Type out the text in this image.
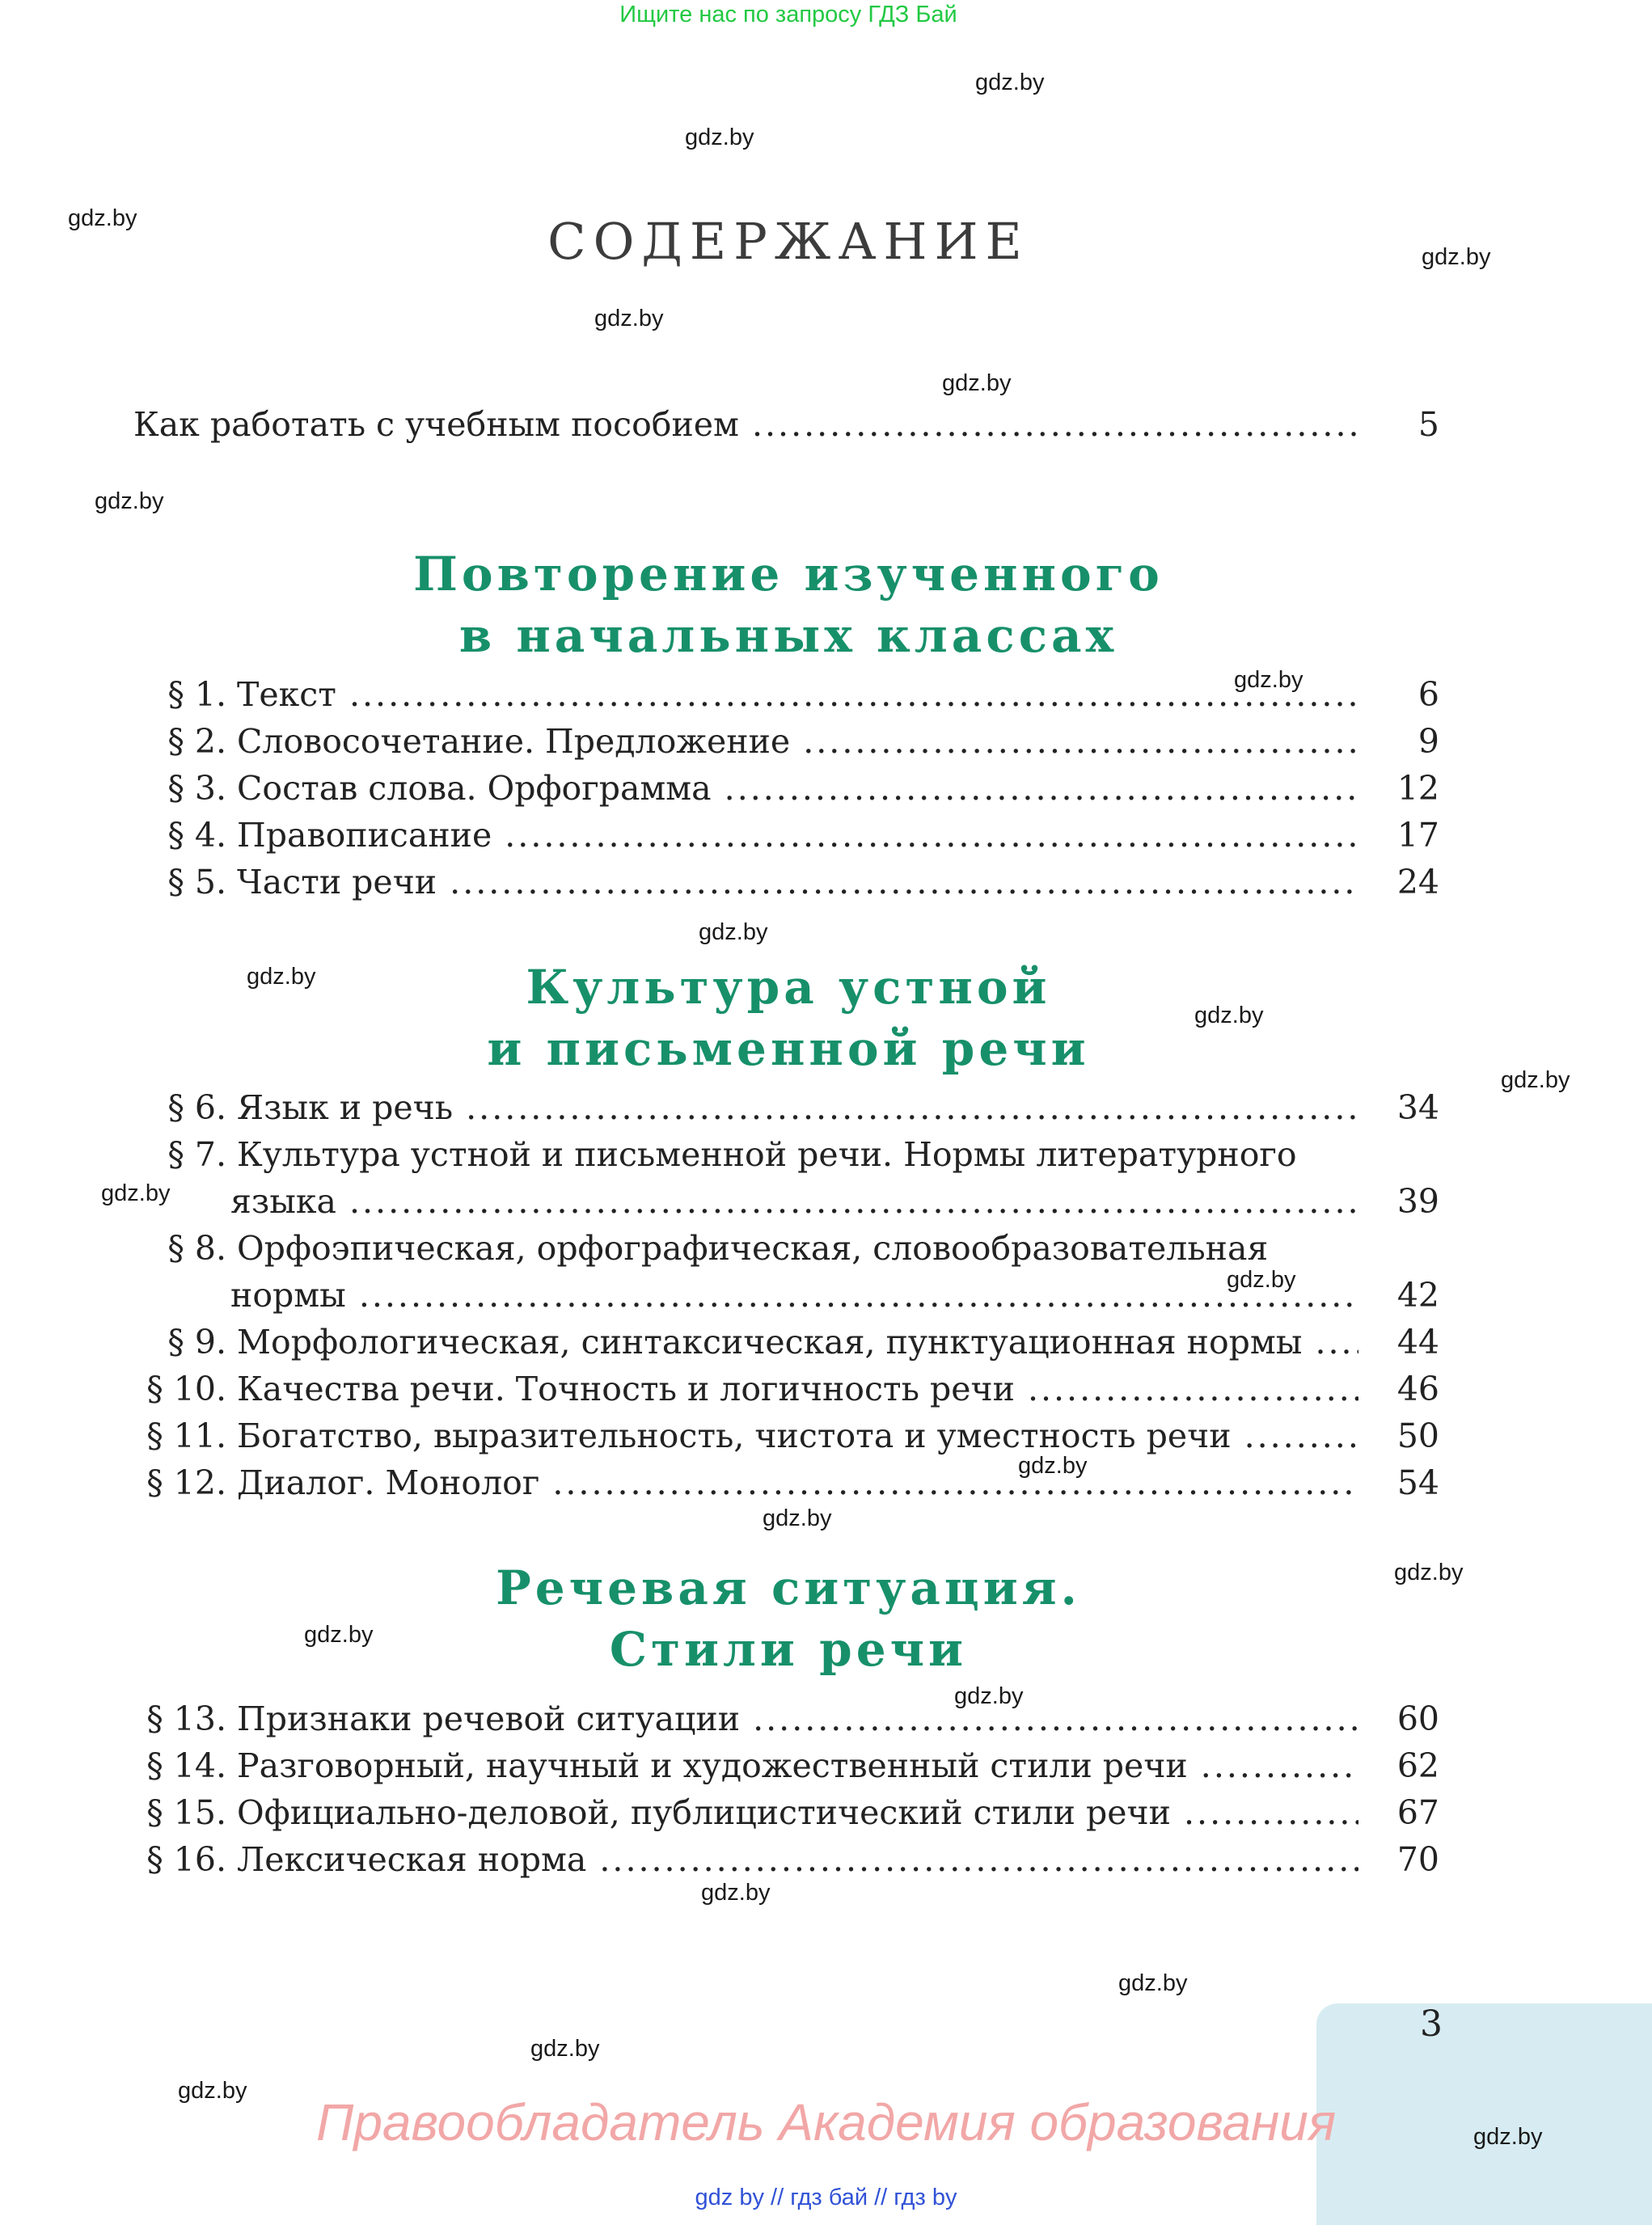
Ищите нас по запросу ГДЗ Бай
СОДЕРЖАНИЕ
Как работать с учебным пособием .....	5
Повторение изученного
в начальных классах
§ 1. Текст .....	6
§ 2. Словосочетание. Предложение .....	9
§ 3. Состав слова. Орфограмма .....	12
§ 4. Правописание .....	17
§ 5. Части речи .....	24
Культура устной
и письменной речи
§ 6. Язык и речь .....	34
§ 7. Культура устной и письменной речи. Нормы литературного
языка .....	39
§ 8. Орфоэпическая, орфографическая, словообразовательная
нормы .....	42
§ 9. Морфологическая, синтаксическая, пунктуационная нормы .....	44
§ 10. Качества речи. Точность и логичность речи .....	46
§ 11. Богатство, выразительность, чистота и уместность речи .....	50
§ 12. Диалог. Монолог .....	54
Речевая ситуация.
Стили речи
§ 13. Признаки речевой ситуации .....	60
§ 14. Разговорный, научный и художественный стили речи .....	62
§ 15. Официально-деловой, публицистический стили речи .....	67
§ 16. Лексическая норма .....	70
gdz.by
gdz.by
gdz.by
gdz.by
gdz.by
gdz.by
gdz.by
gdz.by
gdz.by
gdz.by
gdz.by
gdz.by
gdz.by
gdz.by
gdz.by
gdz.by
gdz.by
gdz.by
gdz.by
gdz.by
gdz.by
gdz.by
gdz.by
3
gdz.by
Правообладатель Академия образования
gdz by // гдз бай // гдз by
